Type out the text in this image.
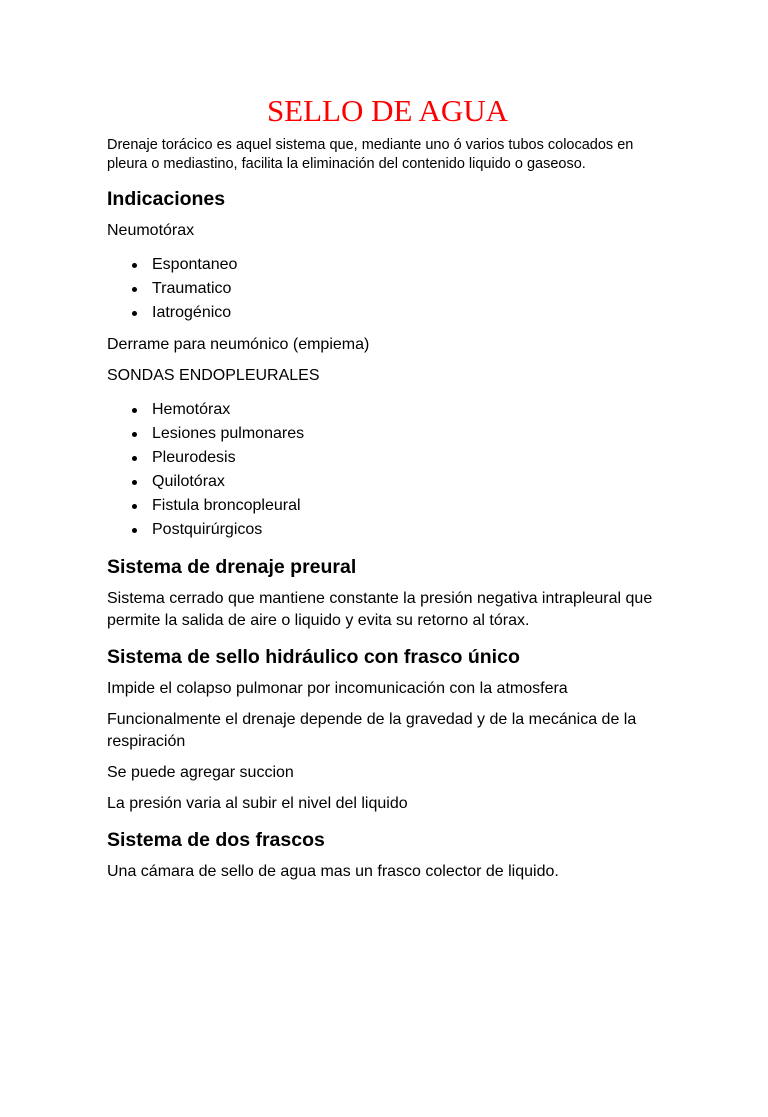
SELLO DE AGUA

Drenaje torácico es aquel sistema que, mediante uno ó varios tubos colocados en pleura o mediastino, facilita la eliminación del contenido liquido o gaseoso.

Indicaciones

Neumotórax

Espontaneo
Traumatico
Iatrogénico

Derrame para neumónico (empiema)

SONDAS ENDOPLEURALES

Hemotórax
Lesiones pulmonares
Pleurodesis
Quilotórax
Fistula broncopleural
Postquirúrgicos
Sistema de drenaje preural

Sistema cerrado que mantiene constante la presión negativa intrapleural que permite la salida de aire o liquido y evita su retorno al tórax.

Sistema de sello hidráulico con frasco único

Impide el colapso pulmonar por incomunicación con la atmosfera

Funcionalmente el drenaje depende de la gravedad y de la mecánica de la respiración

Se puede agregar succion

La presión varia al subir el nivel del liquido

Sistema de dos frascos

Una cámara de sello de agua mas un frasco colector de liquido.
